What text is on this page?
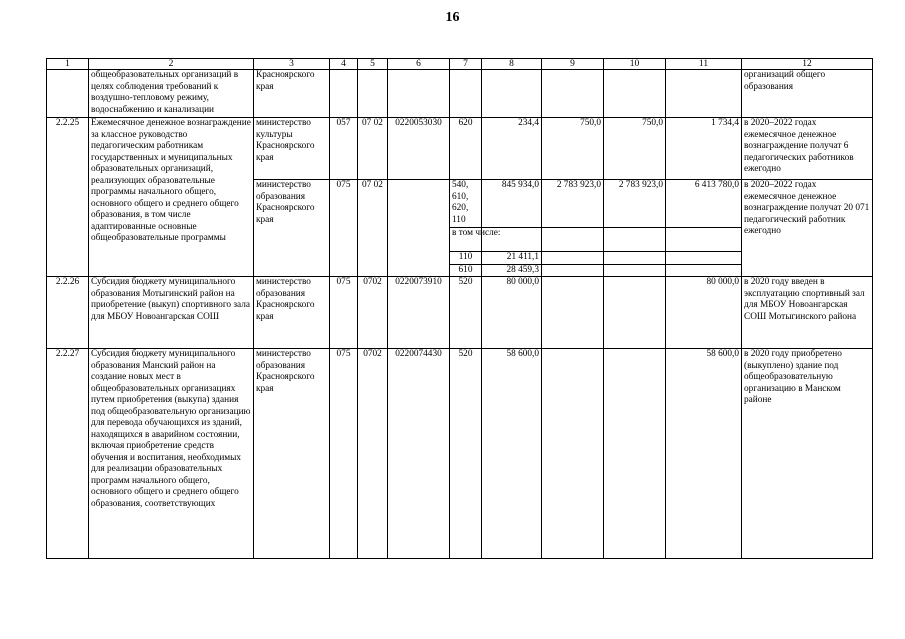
16
1	2	3	4	5	6	7	8	9	10	11	12
	общеобразовательных организаций в целях соблюдения требований к воздушно-тепловому режиму, водоснабжению и канализации	Красноярского края									организаций общего образования
2.2.25	Ежемесячное денежное вознаграждение за классное руководство педагогическим работникам государственных и муниципальных образовательных организаций, реализующих образовательные программы начального общего, основного общего и среднего общего образования, в том числе адаптированные основные общеобразовательные программы	министерство культуры Красноярского края	057	07 02	0220053030	620	234,4	750,0	750,0	1 734,4	в 2020–2022 годах ежемесячное денежное вознаграждение получат 6 педагогических работников ежегодно
		министерство образования Красноярского края	075	07 02		540, 610, 620, 110	845 934,0	2 783 923,0	2 783 923,0	6 413 780,0	в 2020–2022 годах ежемесячное денежное вознаграждение получат 20 071 педагогический работник ежегодно
						в том числе:					
						110	21 411,1				
						610	28 459,3				
2.2.26	Субсидия бюджету муниципального образования Мотыгинский район на приобретение (выкуп) спортивного зала для МБОУ Новоангарская СОШ	министерство образования Красноярского края	075	0702	0220073910	520	80 000,0			80 000,0	в 2020 году введен в эксплуатацию спортивный зал для МБОУ Новоангарская СОШ Мотыгинского района
2.2.27	Субсидия бюджету муниципального образования Манский район на создание новых мест в общеобразовательных организациях путем приобретения (выкупа) здания под общеобразовательную организацию для перевода обучающихся из зданий, находящихся в аварийном состоянии, включая приобретение средств обучения и воспитания, необходимых для реализации образовательных программ начального общего, основного общего и среднего общего образования, соответствующих	министерство образования Красноярского края	075	0702	0220074430	520	58 600,0			58 600,0	в 2020 году приобретено (выкуплено) здание под общеобразовательную организацию в Манском районе
